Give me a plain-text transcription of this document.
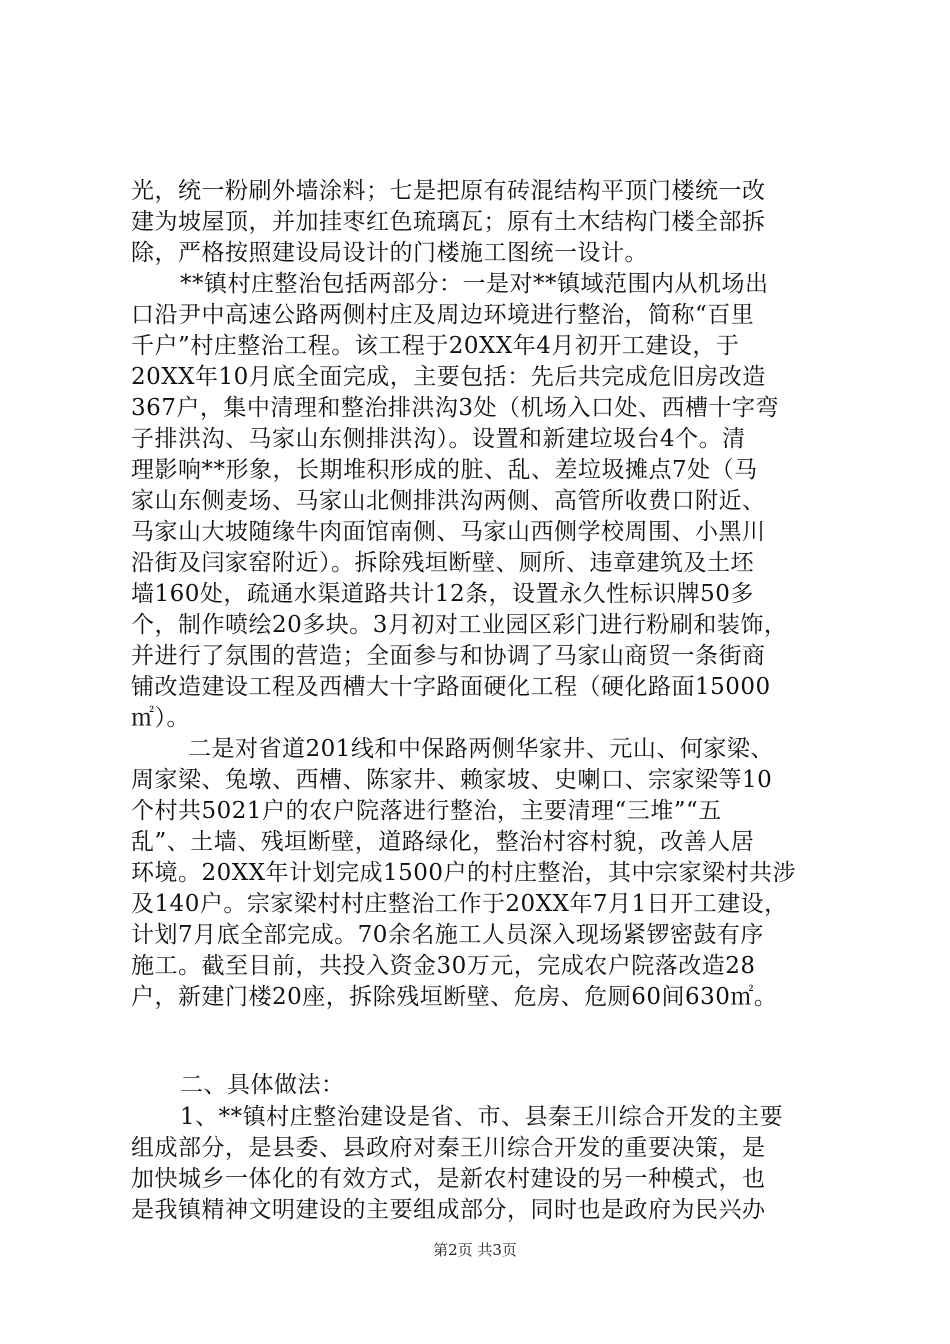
光，统一粉刷外墙涂料；七是把原有砖混结构平顶门楼统一改
建为坡屋顶，并加挂枣红色琉璃瓦；原有土木结构门楼全部拆
除，严格按照建设局设计的门楼施工图统一设计。
**镇村庄整治包括两部分：一是对**镇域范围内从机场出
口沿尹中高速公路两侧村庄及周边环境进行整治，简称“百里
千户”村庄整治工程。该工程于20XX年4月初开工建设，于
20XX年10月底全面完成，主要包括：先后共完成危旧房改造
367户，集中清理和整治排洪沟3处（机场入口处、西槽十字弯
子排洪沟、马家山东侧排洪沟）。设置和新建垃圾台4个。清
理影响**形象，长期堆积形成的脏、乱、差垃圾摊点7处（马
家山东侧麦场、马家山北侧排洪沟两侧、高管所收费口附近、
马家山大坡随缘牛肉面馆南侧、马家山西侧学校周围、小黑川
沿街及闫家窑附近）。拆除残垣断壁、厕所、违章建筑及土坯
墙160处，疏通水渠道路共计12条，设置永久性标识牌50多
个，制作喷绘20多块。3月初对工业园区彩门进行粉刷和装饰，
并进行了氛围的营造；全面参与和协调了马家山商贸一条街商
铺改造建设工程及西槽大十字路面硬化工程（硬化路面15000
㎡）。
二是对省道201线和中保路两侧华家井、元山、何家梁、
周家梁、兔墩、西槽、陈家井、赖家坡、史喇口、宗家梁等10
个村共5021户的农户院落进行整治，主要清理“三堆”“五
乱”、土墙、残垣断壁，道路绿化，整治村容村貌，改善人居
环境。20XX年计划完成1500户的村庄整治，其中宗家梁村共涉
及140户。宗家梁村村庄整治工作于20XX年7月1日开工建设，
计划7月底全部完成。70余名施工人员深入现场紧锣密鼓有序
施工。截至目前，共投入资金30万元，完成农户院落改造28
户，新建门楼20座，拆除残垣断壁、危房、危厕60间630㎡。
二、具体做法：
1、**镇村庄整治建设是省、市、县秦王川综合开发的主要
组成部分，是县委、县政府对秦王川综合开发的重要决策，是
加快城乡一体化的有效方式，是新农村建设的另一种模式，也
是我镇精神文明建设的主要组成部分，同时也是政府为民兴办
第2页 共3页
